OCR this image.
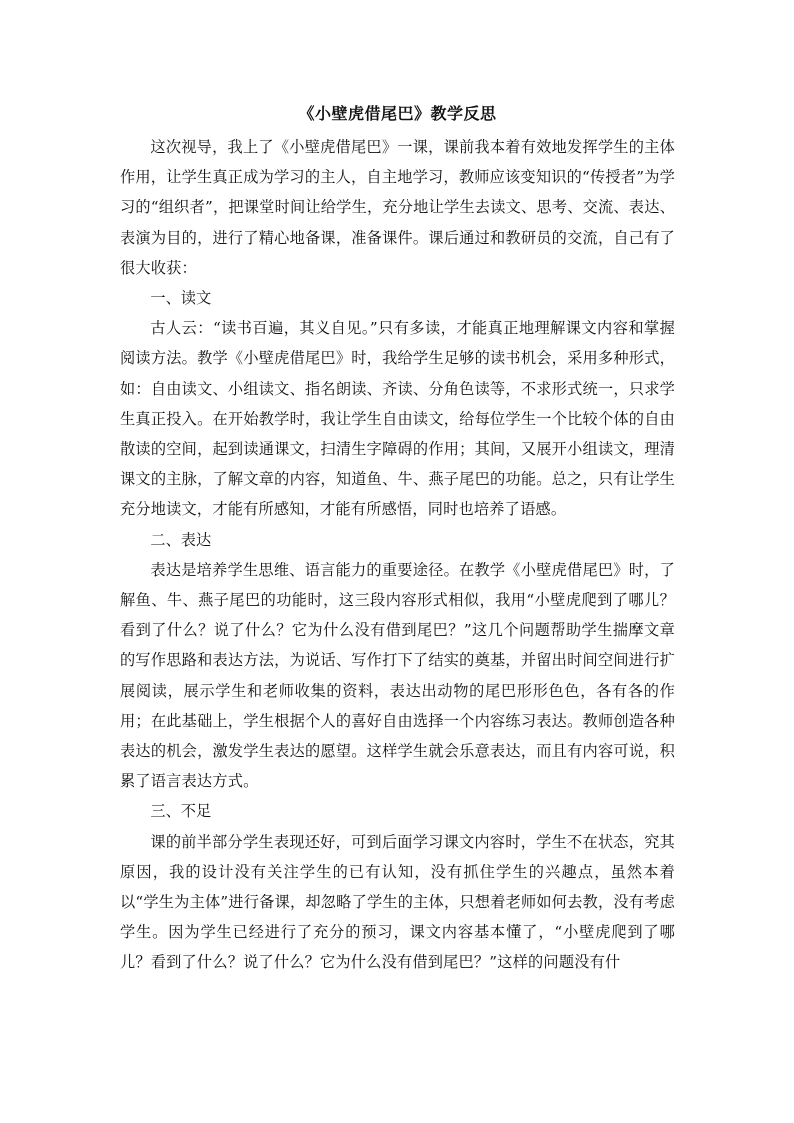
《小壁虎借尾巴》教学反思

这次视导，我上了《小壁虎借尾巴》一课，课前我本着有效地发挥学生的主体作用，让学生真正成为学习的主人，自主地学习，教师应该变知识的“传授者”为学习的“组织者”，把课堂时间让给学生，充分地让学生去读文、思考、交流、表达、表演为目的，进行了精心地备课，准备课件。课后通过和教研员的交流，自己有了很大收获：

一、读文

古人云：“读书百遍，其义自见。”只有多读，才能真正地理解课文内容和掌握阅读方法。教学《小壁虎借尾巴》时，我给学生足够的读书机会，采用多种形式，如：自由读文、小组读文、指名朗读、齐读、分角色读等，不求形式统一，只求学生真正投入。在开始教学时，我让学生自由读文，给每位学生一个比较个体的自由散读的空间，起到读通课文，扫清生字障碍的作用；其间，又展开小组读文，理清课文的主脉，了解文章的内容，知道鱼、牛、燕子尾巴的功能。总之，只有让学生充分地读文，才能有所感知，才能有所感悟，同时也培养了语感。

二、表达

表达是培养学生思维、语言能力的重要途径。在教学《小壁虎借尾巴》时，了解鱼、牛、燕子尾巴的功能时，这三段内容形式相似，我用“小壁虎爬到了哪儿？看到了什么？说了什么？它为什么没有借到尾巴？”这几个问题帮助学生揣摩文章的写作思路和表达方法，为说话、写作打下了结实的奠基，并留出时间空间进行扩展阅读，展示学生和老师收集的资料，表达出动物的尾巴形形色色，各有各的作用；在此基础上，学生根据个人的喜好自由选择一个内容练习表达。教师创造各种表达的机会，激发学生表达的愿望。这样学生就会乐意表达，而且有内容可说，积累了语言表达方式。

三、不足

课的前半部分学生表现还好，可到后面学习课文内容时，学生不在状态，究其原因，我的设计没有关注学生的已有认知，没有抓住学生的兴趣点，虽然本着以“学生为主体”进行备课，却忽略了学生的主体，只想着老师如何去教，没有考虑学生。因为学生已经进行了充分的预习，课文内容基本懂了，“小壁虎爬到了哪儿？看到了什么？说了什么？它为什么没有借到尾巴？”这样的问题没有什
